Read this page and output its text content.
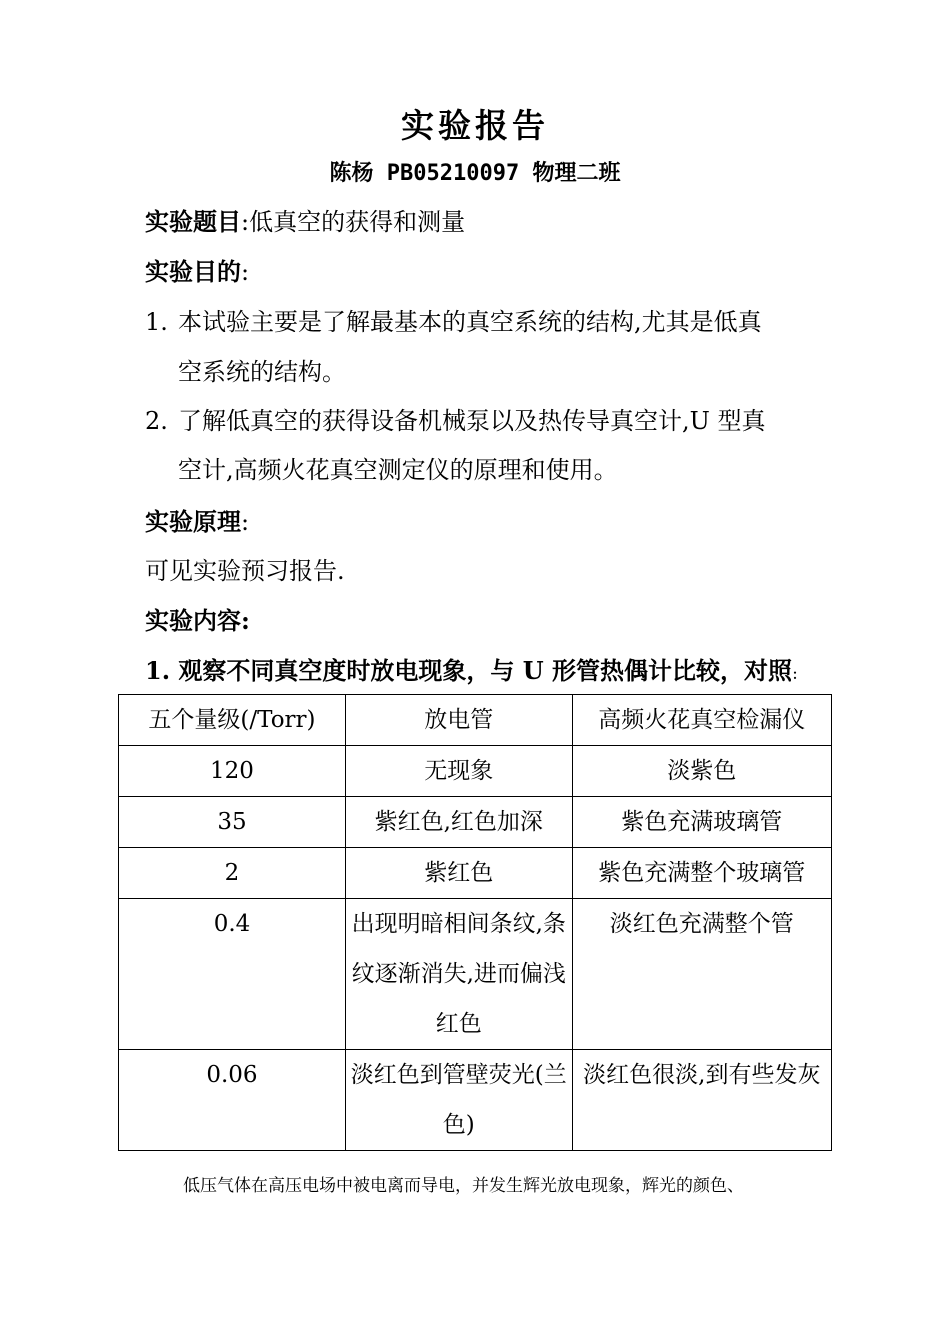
实验报告
陈杨 PB05210097 物理二班
实验题目:低真空的获得和测量
实验目的:
1. 本试验主要是了解最基本的真空系统的结构,尤其是低真
空系统的结构。
2. 了解低真空的获得设备机械泵以及热传导真空计,U 型真
空计,高频火花真空测定仪的原理和使用。
实验原理:
可见实验预习报告.
实验内容:
1. 观察不同真空度时放电现象，与 U 形管热偶计比较，对照:
五个量级(/Torr)	放电管	高频火花真空检漏仪
120	无现象	淡紫色
35	紫红色,红色加深	紫色充满玻璃管
2	紫红色	紫色充满整个玻璃管
0.4	出现明暗相间条纹,条纹逐渐消失,进而偏浅红色	淡红色充满整个管

0.06	淡红色到管壁荧光(兰色)	淡红色很淡,到有些发灰
低压气体在高压电场中被电离而导电，并发生辉光放电现象，辉光的颜色、
